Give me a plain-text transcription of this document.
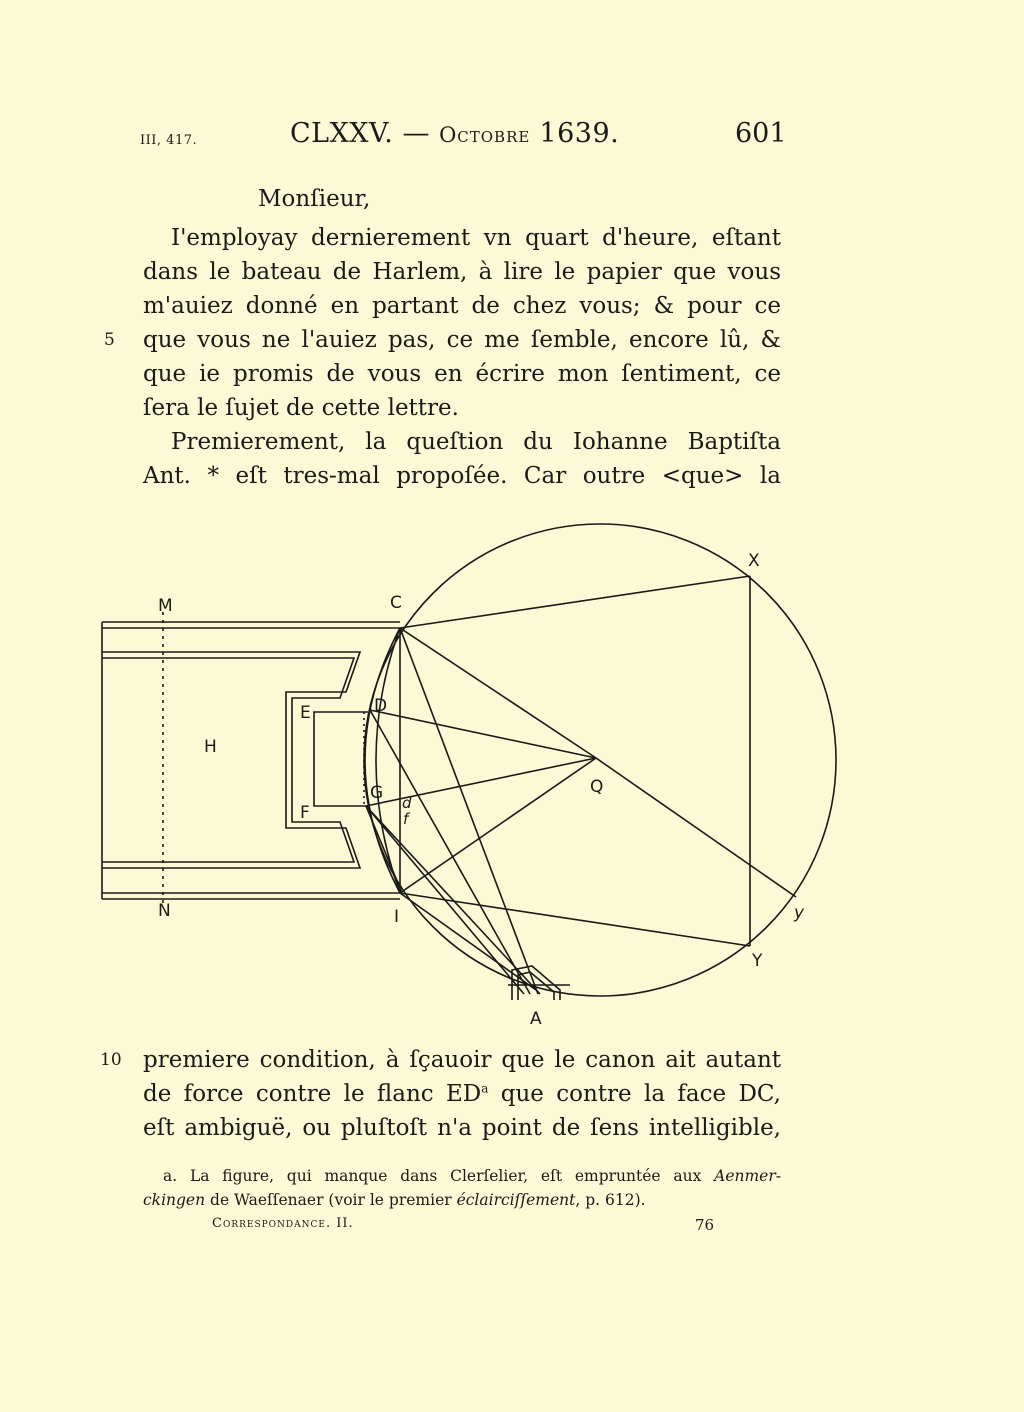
III, 417.	CLXXV. — Octobre 1639.	601
Monſieur,
I'employay dernierement vn quart d'heure, eſtant
dans le bateau de Harlem, à lire le papier que vous
m'auiez donné en partant de chez vous; & pour ce
5 que vous ne l'auiez pas, ce me ſemble, encore lû, &
que ie promis de vous en écrire mon ſentiment, ce
ſera le ſujet de cette lettre.
Premierement, la queſtion du Iohanne Baptiſta
Ant. * eſt tres-mal propoſée. Car outre <que> la
M
N
C
X
D
E
H
G
F	d
f
Q
I
Y
y
A
10 premiere condition, à ſçauoir que le canon ait autant
de force contre le flanc $ED^a$ que contre la face DC,
eſt ambiguë, ou pluſtoſt n'a point de ſens intelligible,
a. La figure, qui manque dans Clerſelier, eſt empruntée aux Aenmer-
ckingen de Waeſſenaer (voir le premier éclairciſſement, p. 612).
Correſpondance. II.	76
